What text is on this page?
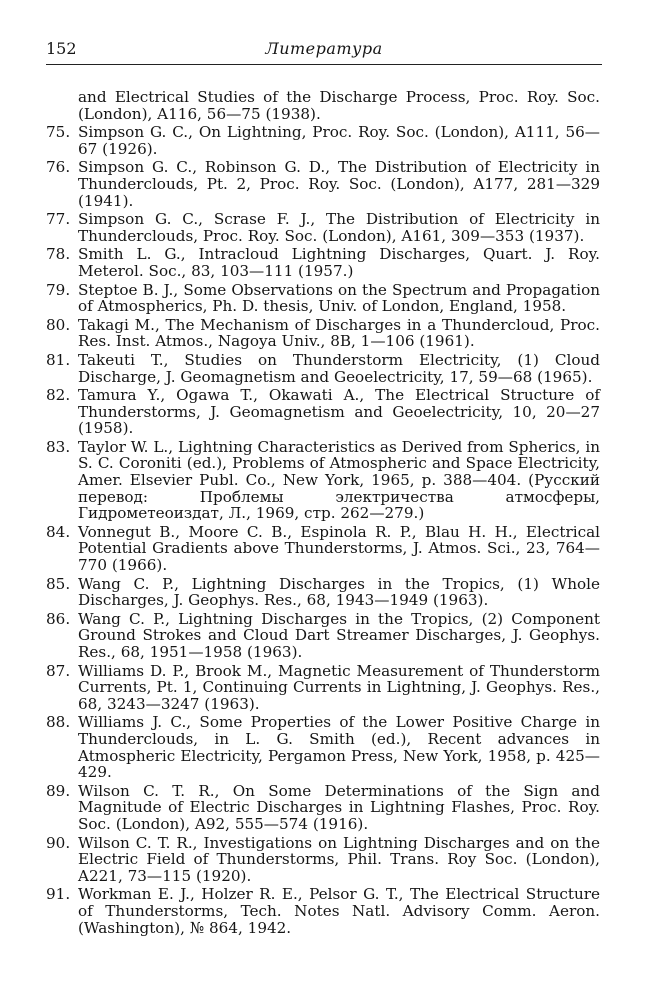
152	Литература

and Electrical Studies of the Discharge Process, Proc. Roy. Soc. (London), A116, 56—75 (1938).

75. Simpson G. C., On Lightning, Proc. Roy. Soc. (London), A111, 56—67 (1926).

76. Simpson G. C., Robinson G. D., The Distribution of Electricity in Thunderclouds, Pt. 2, Proc. Roy. Soc. (London), A177, 281—329 (1941).

77. Simpson G. C., Scrase F. J., The Distribution of Electricity in Thunderclouds, Proc. Roy. Soc. (London), A161, 309—353 (1937).

78. Smith L. G., Intracloud Lightning Discharges, Quart. J. Roy. Meterol. Soc., 83, 103—111 (1957.)

79. Steptoe B. J., Some Observations on the Spectrum and Propagation of Atmospherics, Ph. D. thesis, Univ. of London, England, 1958.

80. Takagi M., The Mechanism of Discharges in a Thundercloud, Proc. Res. Inst. Atmos., Nagoya Univ., 8B, 1—106 (1961).

81. Takeuti T., Studies on Thunderstorm Electricity, (1) Cloud Discharge, J. Geomagnetism and Geoelectricity, 17, 59—68 (1965).

82. Tamura Y., Ogawa T., Okawati A., The Electrical Structure of Thunderstorms, J. Geomagnetism and Geoelectricity, 10, 20—27 (1958).

83. Taylor W. L., Lightning Characteristics as Derived from Spherics, in S. C. Coroniti (ed.), Problems of Atmospheric and Space Electricity, Amer. Elsevier Publ. Co., New York, 1965, p. 388—404. (Русский перевод: Проблемы электричества атмосферы, Гидрометеоиздат, Л., 1969, стр. 262—279.)

84. Vonnegut B., Moore C. B., Espinola R. P., Blau H. H., Electrical Potential Gradients above Thunderstorms, J. Atmos. Sci., 23, 764—770 (1966).

85. Wang C. P., Lightning Discharges in the Tropics, (1) Whole Discharges, J. Geophys. Res., 68, 1943—1949 (1963).

86. Wang C. P., Lightning Discharges in the Tropics, (2) Component Ground Strokes and Cloud Dart Streamer Discharges, J. Geophys. Res., 68, 1951—1958 (1963).

87. Williams D. P., Brook M., Magnetic Measurement of Thunderstorm Currents, Pt. 1, Continuing Currents in Lightning, J. Geophys. Res., 68, 3243—3247 (1963).

88. Williams J. C., Some Properties of the Lower Positive Charge in Thunderclouds, in L. G. Smith (ed.), Recent advances in Atmospheric Electricity, Pergamon Press, New York, 1958, p. 425—429.

89. Wilson C. T. R., On Some Determinations of the Sign and Magnitude of Electric Discharges in Lightning Flashes, Proc. Roy. Soc. (London), A92, 555—574 (1916).

90. Wilson C. T. R., Investigations on Lightning Discharges and on the Electric Field of Thunderstorms, Phil. Trans. Roy Soc. (London), A221, 73—115 (1920).

91. Workman E. J., Holzer R. E., Pelsor G. T., The Electrical Structure of Thunderstorms, Tech. Notes Natl. Advisory Comm. Aeron. (Washington), № 864, 1942.
